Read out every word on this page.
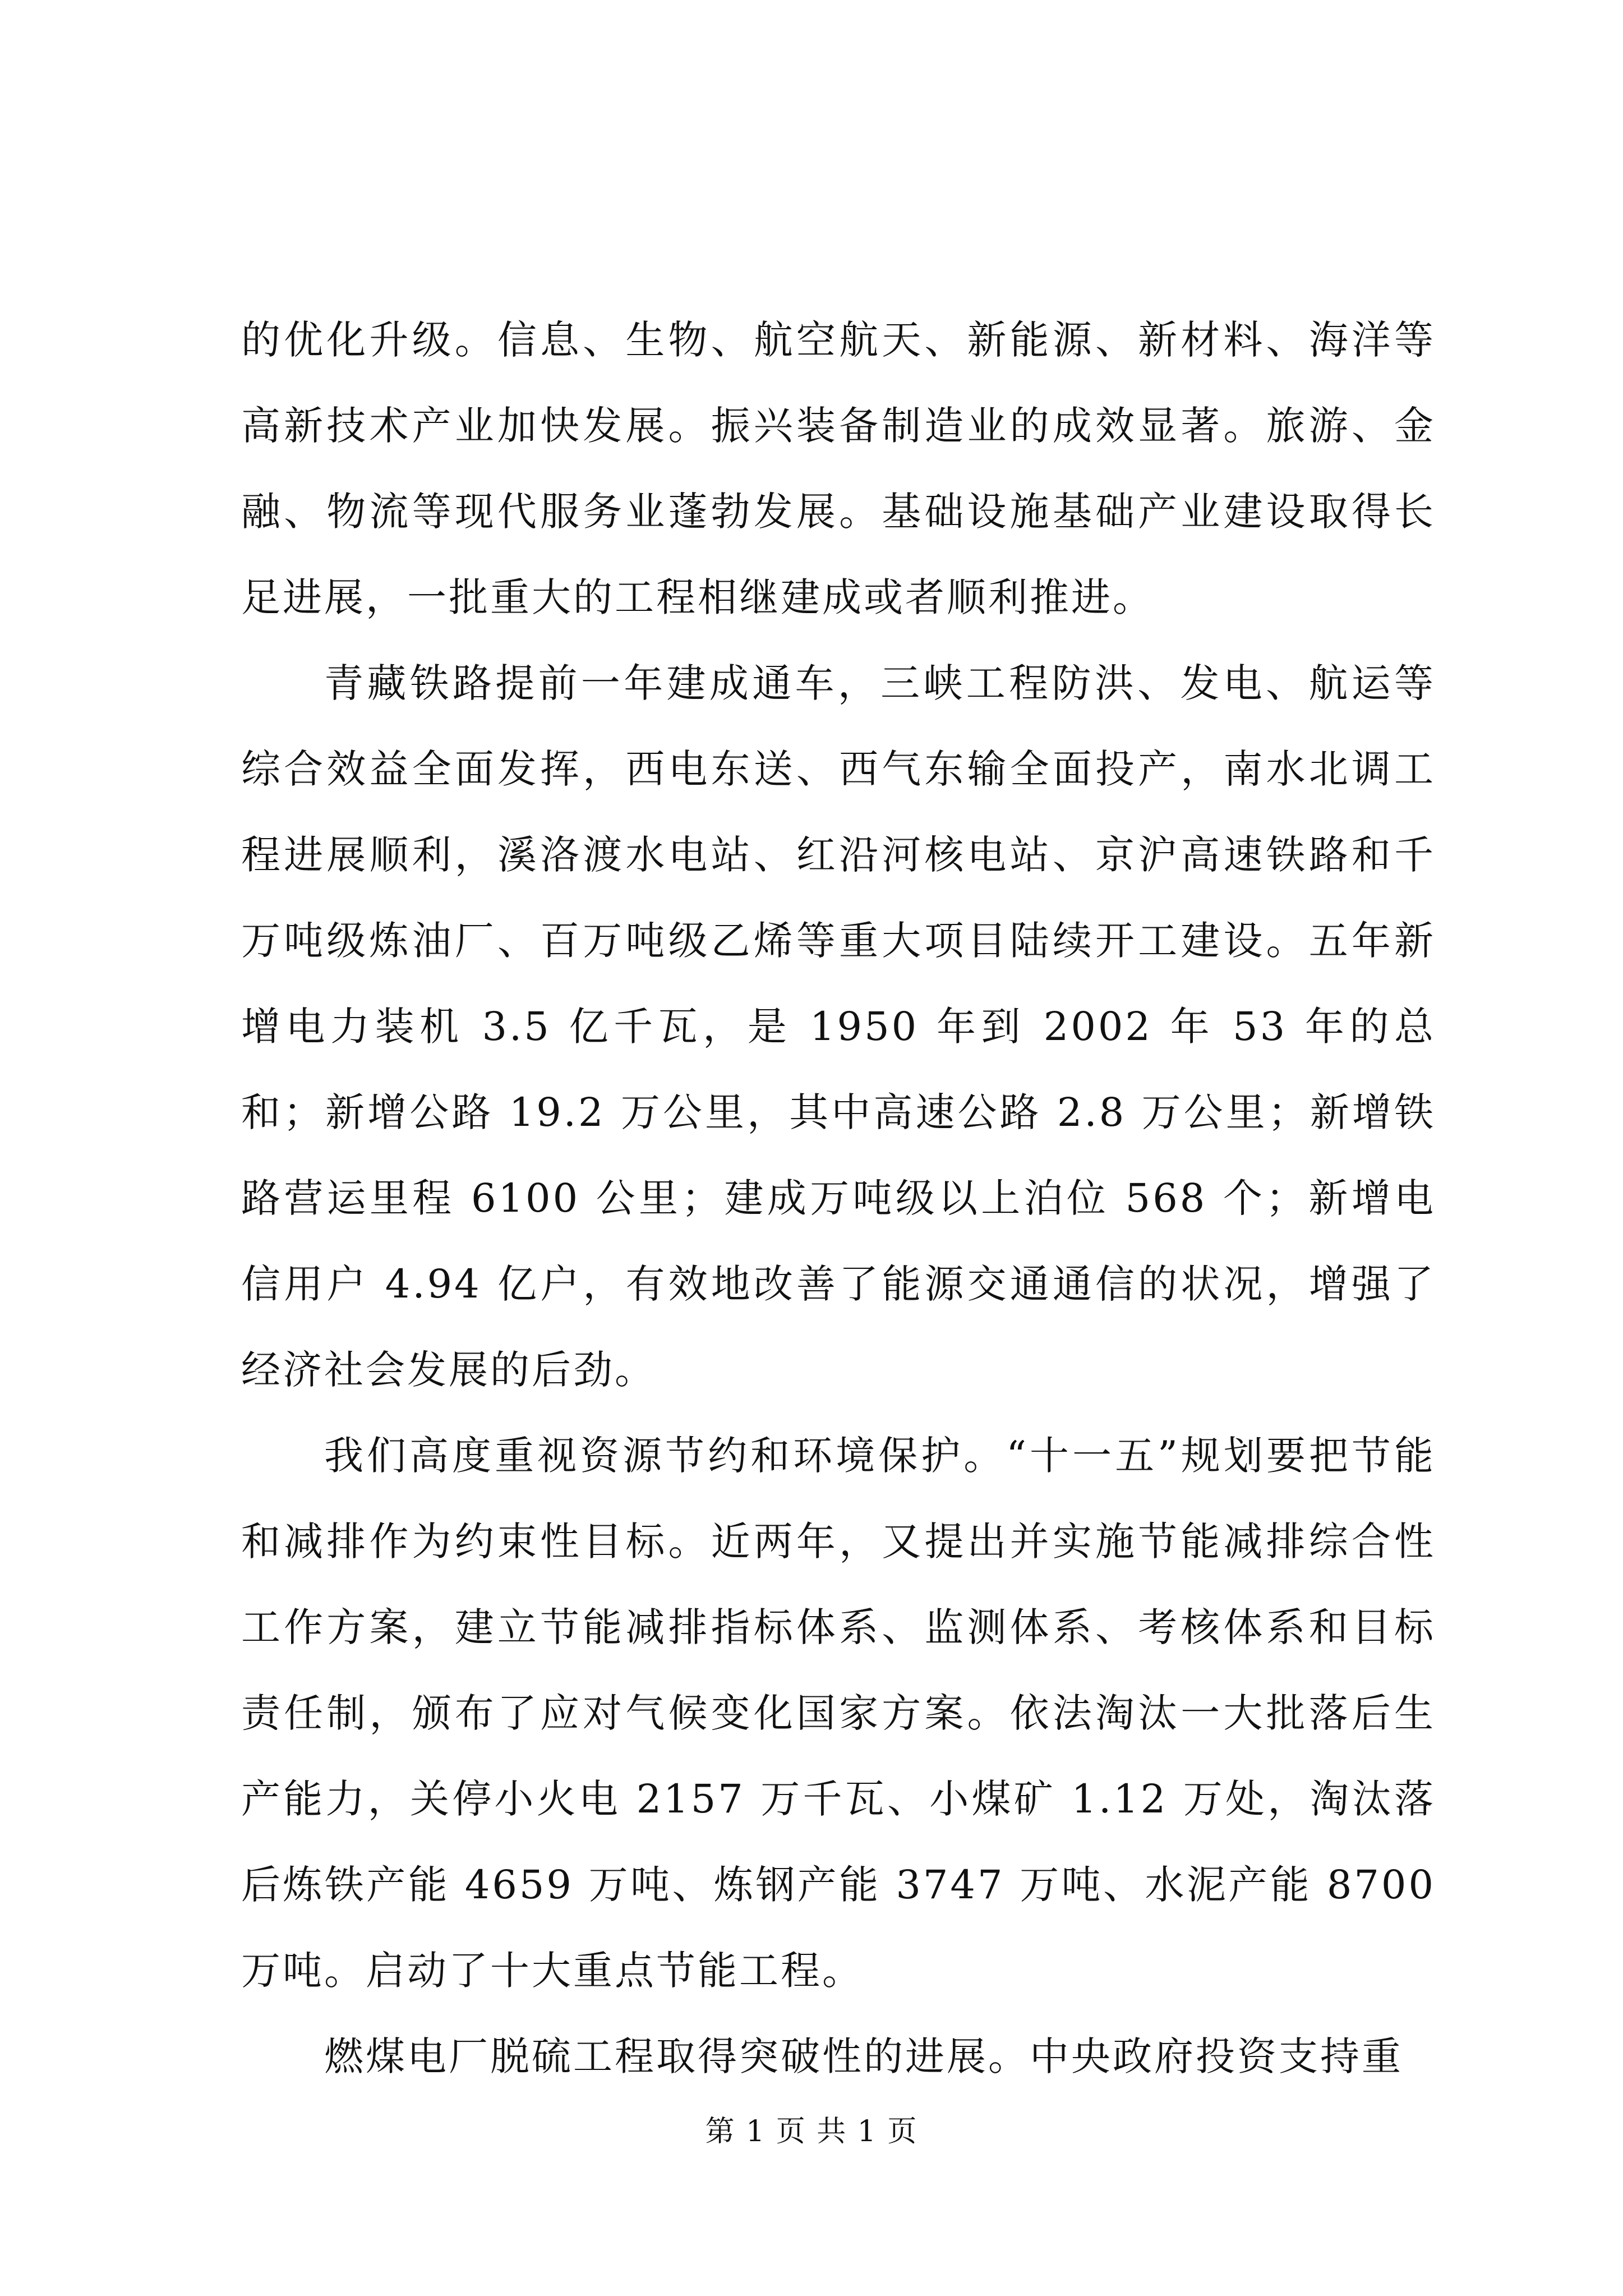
的优化升级。信息、生物、航空航天、新能源、新材料、海洋等高新技术产业加快发展。振兴装备制造业的成效显著。旅游、金融、物流等现代服务业蓬勃发展。基础设施基础产业建设取得长足进展，一批重大的工程相继建成或者顺利推进。

青藏铁路提前一年建成通车，三峡工程防洪、发电、航运等综合效益全面发挥，西电东送、西气东输全面投产，南水北调工程进展顺利，溪洛渡水电站、红沿河核电站、京沪高速铁路和千万吨级炼油厂、百万吨级乙烯等重大项目陆续开工建设。五年新增电力装机 3.5 亿千瓦，是 1950 年到 2002 年 53 年的总和；新增公路 19.2 万公里，其中高速公路 2.8 万公里；新增铁路营运里程 6100 公里；建成万吨级以上泊位 568 个；新增电信用户 4.94 亿户，有效地改善了能源交通通信的状况，增强了经济社会发展的后劲。

我们高度重视资源节约和环境保护。“十一五”规划要把节能和减排作为约束性目标。近两年，又提出并实施节能减排综合性工作方案，建立节能减排指标体系、监测体系、考核体系和目标责任制，颁布了应对气候变化国家方案。依法淘汰一大批落后生产能力，关停小火电 2157 万千瓦、小煤矿 1.12 万处，淘汰落后炼铁产能 4659 万吨、炼钢产能 3747 万吨、水泥产能 8700 万吨。启动了十大重点节能工程。

燃煤电厂脱硫工程取得突破性的进展。中央政府投资支持重

第 1 页 共 1 页
